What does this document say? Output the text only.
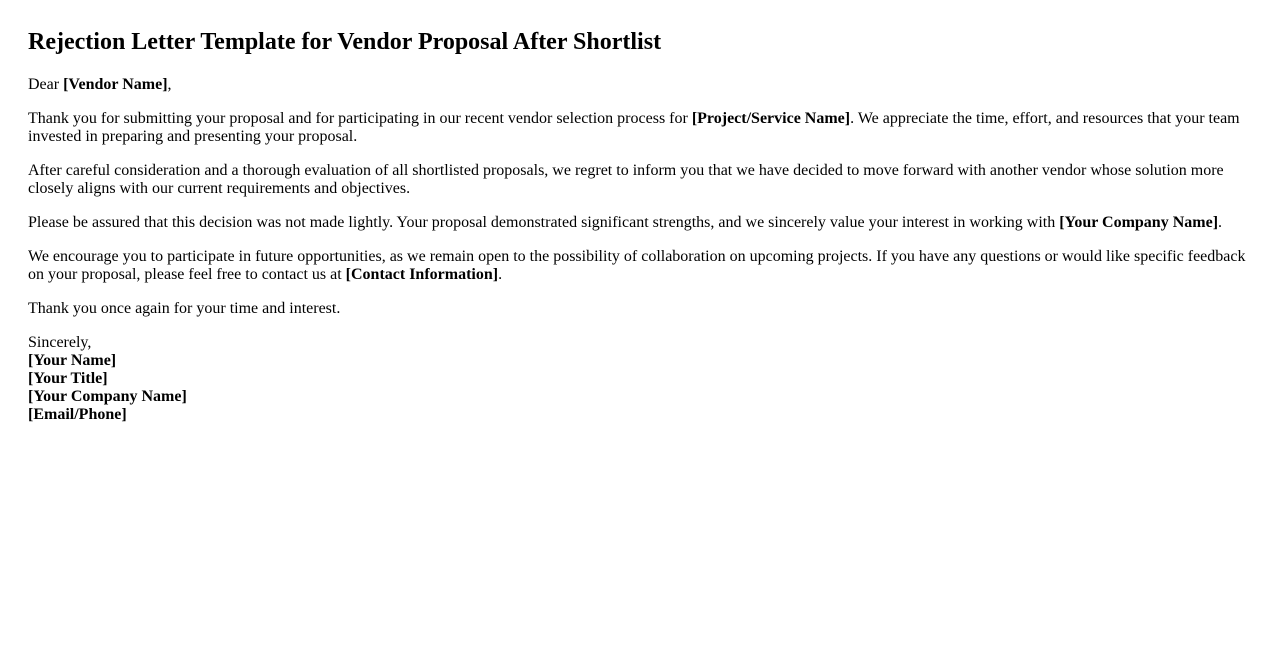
Rejection Letter Template for Vendor Proposal After Shortlist

Dear [Vendor Name],

Thank you for submitting your proposal and for participating in our recent vendor selection process for [Project/Service Name]. We appreciate the time, effort, and resources that your team invested in preparing and presenting your proposal.

After careful consideration and a thorough evaluation of all shortlisted proposals, we regret to inform you that we have decided to move forward with another vendor whose solution more closely aligns with our current requirements and objectives.

Please be assured that this decision was not made lightly. Your proposal demonstrated significant strengths, and we sincerely value your interest in working with [Your Company Name].

We encourage you to participate in future opportunities, as we remain open to the possibility of collaboration on upcoming projects. If you have any questions or would like specific feedback on your proposal, please feel free to contact us at [Contact Information].

Thank you once again for your time and interest.

Sincerely,
[Your Name]
[Your Title]
[Your Company Name]
[Email/Phone]
